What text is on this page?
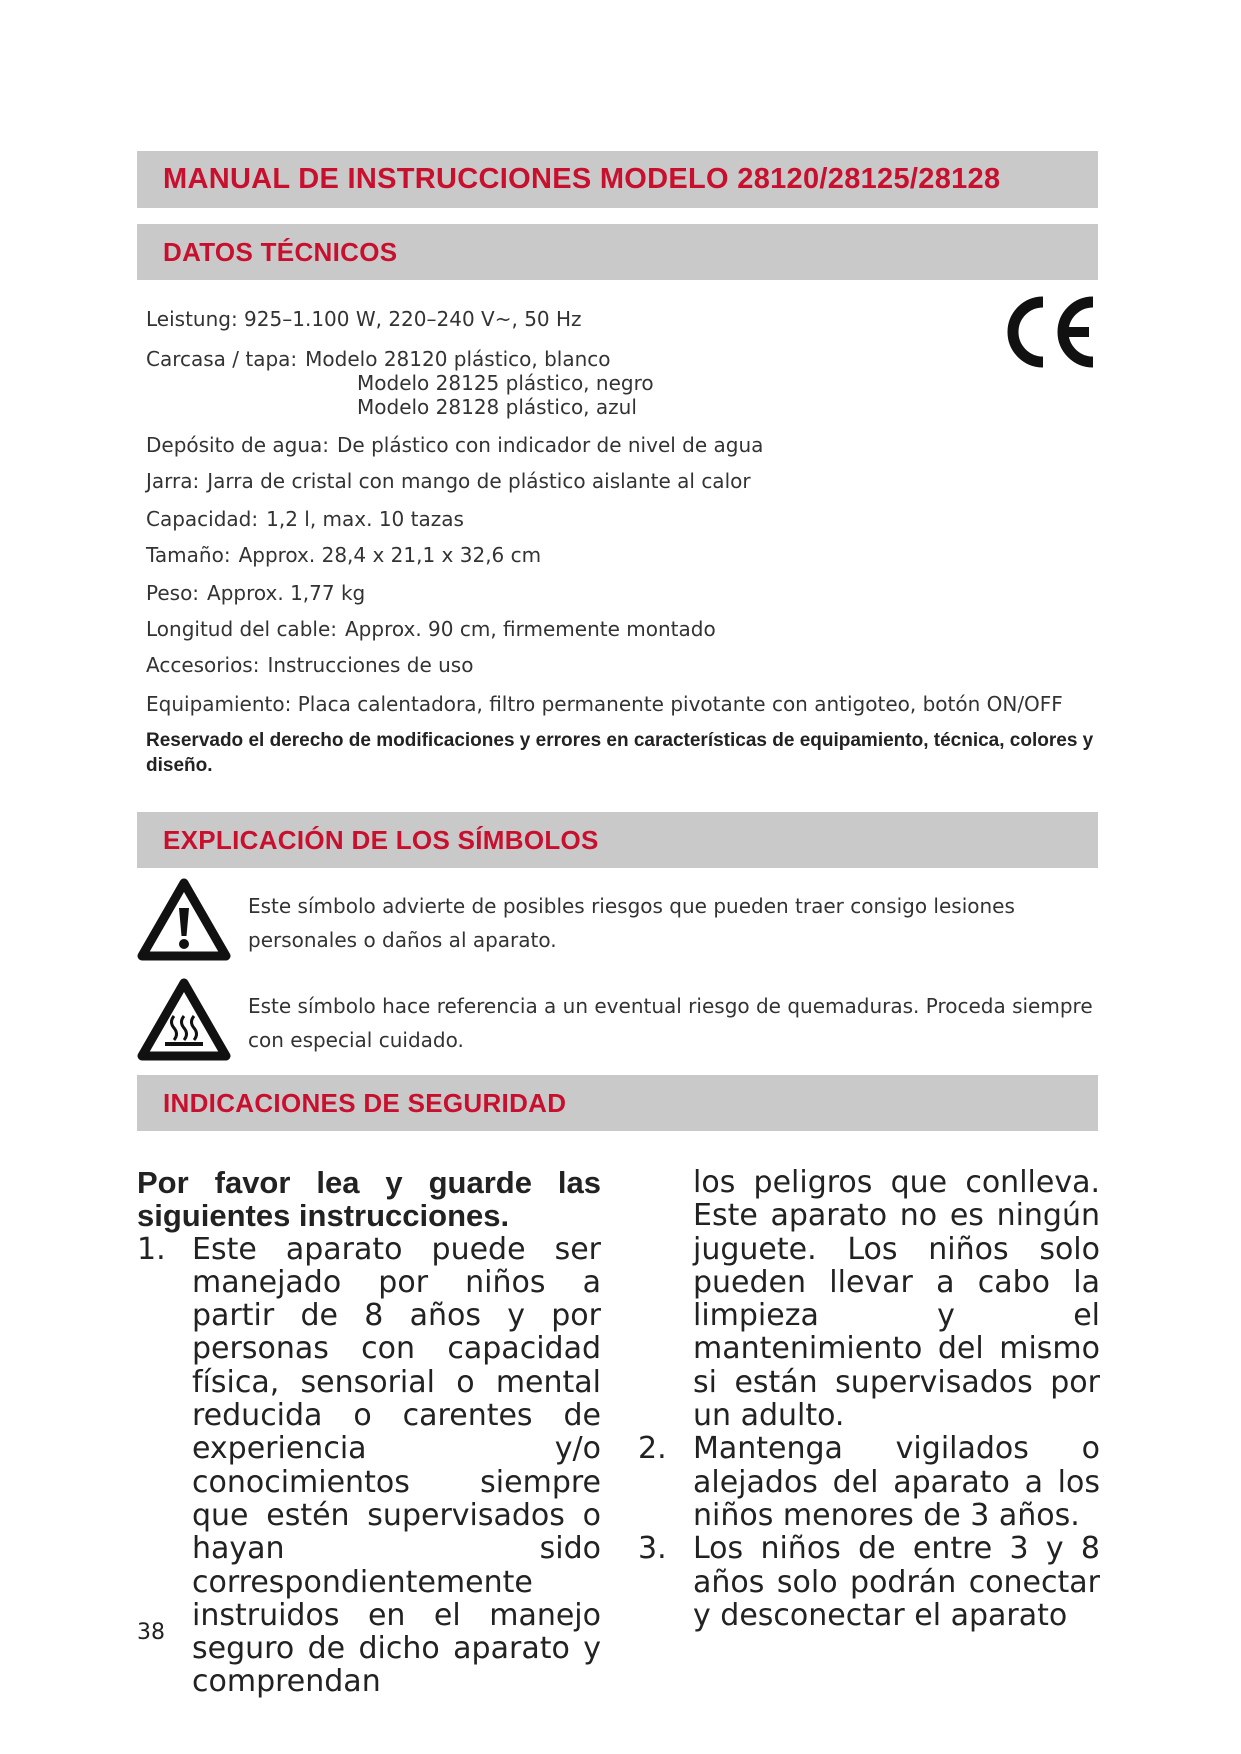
MANUAL DE INSTRUCCIONES MODELO 28120/28125/28128
DATOS TÉCNICOS
Leistung: 925–1.100 W, 220–240 V~, 50 Hz
Carcasa / tapa: Modelo 28120 plástico, blanco
Modelo 28125 plástico, negro
Modelo 28128 plástico, azul
Depósito de agua: De plástico con indicador de nivel de agua
Jarra: Jarra de cristal con mango de plástico aislante al calor
Capacidad: 1,2 l, max. 10 tazas
Tamaño: Approx. 28,4 x 21,1 x 32,6 cm
Peso: Approx. 1,77 kg
Longitud del cable: Approx. 90 cm, firmemente montado
Accesorios: Instrucciones de uso
Equipamiento: Placa calentadora, filtro permanente pivotante con antigoteo, botón ON/OFF
Reservado el derecho de modificaciones y errores en características de equipamiento, técnica, colores y diseño.
EXPLICACIÓN DE LOS SÍMBOLOS
Este símbolo advierte de posibles riesgos que pueden traer consigo lesiones personales o daños al aparato.
Este símbolo hace referencia a un eventual riesgo de quemaduras. Proceda siempre con especial cuidado.
INDICACIONES DE SEGURIDAD
Por favor lea y guarde las siguientes instrucciones.
1. Este aparato puede ser manejado por niños a partir de 8 años y por personas con capacidad física, sensorial o mental reducida o carentes de experiencia y/o conocimientos siempre que estén supervisados o hayan sido correspondientemente instruidos en el manejo seguro de dicho aparato y comprendan
los peligros que conlleva. Este aparato no es ningún juguete. Los niños solo pueden llevar a cabo la limpieza y el mantenimiento del mismo si están supervisados por un adulto.
2. Mantenga vigilados o alejados del aparato a los niños menores de 3 años.
3. Los niños de entre 3 y 8 años solo podrán conectar y desconectar el aparato
38
